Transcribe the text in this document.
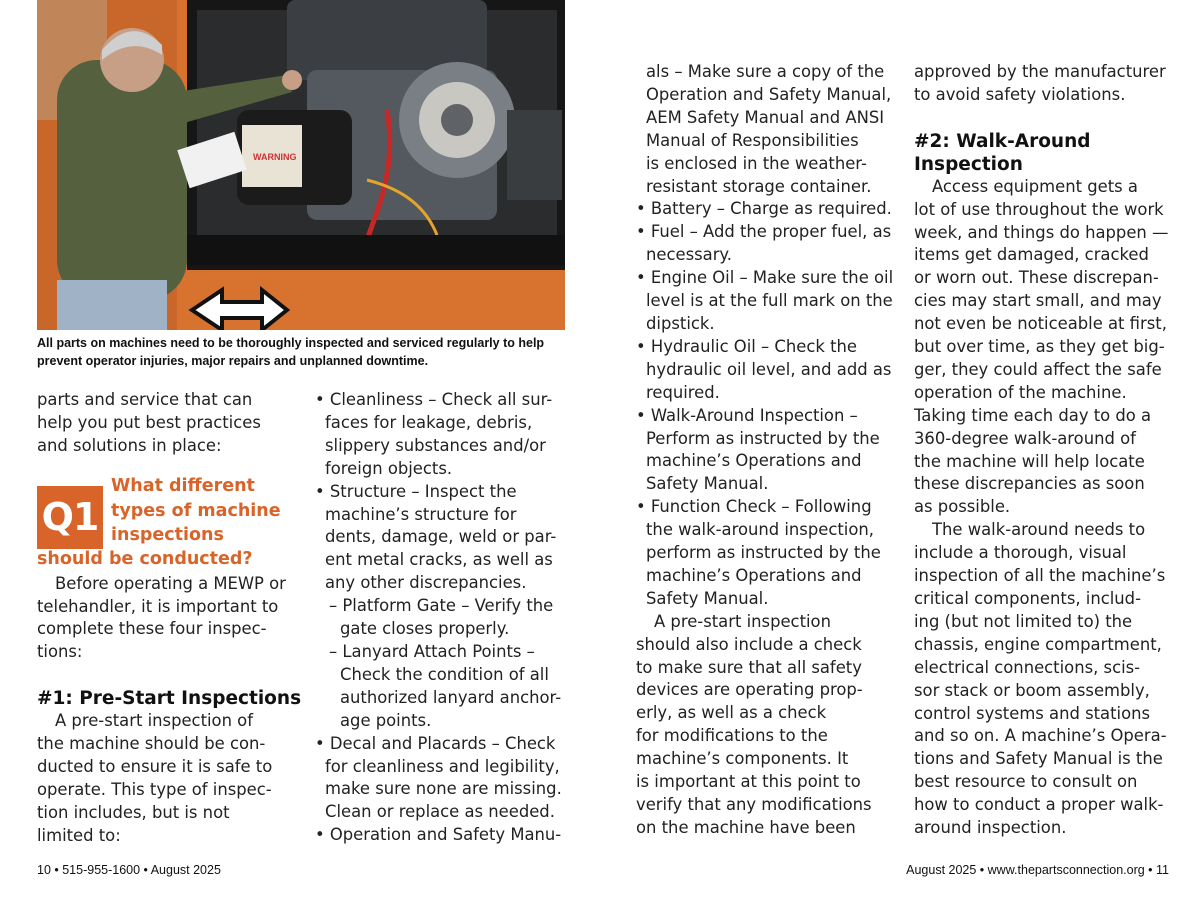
WARNING
All parts on machines need to be thoroughly inspected and serviced regularly to help
prevent operator injuries, major repairs and unplanned downtime.
parts and service that can
help you put best practices
and solutions in place:
Q1
What different
types of machine
inspections
should be conducted?
Before operating a MEWP or
telehandler, it is important to
complete these four inspec-
tions:
#1: Pre-Start Inspections
A pre-start inspection of
the machine should be con-
ducted to ensure it is safe to
operate. This type of inspec-
tion includes, but is not
limited to:
• Cleanliness – Check all sur-
faces for leakage, debris,
slippery substances and/or
foreign objects.
• Structure – Inspect the
machine’s structure for
dents, damage, weld or par-
ent metal cracks, as well as
any other discrepancies.
– Platform Gate – Verify the
gate closes properly.
– Lanyard Attach Points –
Check the condition of all
authorized lanyard anchor-
age points.
• Decal and Placards – Check
for cleanliness and legibility,
make sure none are missing.
Clean or replace as needed.
• Operation and Safety Manu-
als – Make sure a copy of the
Operation and Safety Manual,
AEM Safety Manual and ANSI
Manual of Responsibilities
is enclosed in the weather-
resistant storage container.
• Battery – Charge as required.
• Fuel – Add the proper fuel, as
necessary.
• Engine Oil – Make sure the oil
level is at the full mark on the
dipstick.
• Hydraulic Oil – Check the
hydraulic oil level, and add as
required.
• Walk-Around Inspection –
Perform as instructed by the
machine’s Operations and
Safety Manual.
• Function Check – Following
the walk-around inspection,
perform as instructed by the
machine’s Operations and
Safety Manual.
A pre-start inspection
should also include a check
to make sure that all safety
devices are operating prop-
erly, as well as a check
for modifications to the
machine’s components. It
is important at this point to
verify that any modifications
on the machine have been
approved by the manufacturer
to avoid safety violations.
#2: Walk-Around
Inspection
Access equipment gets a
lot of use throughout the work
week, and things do happen —
items get damaged, cracked
or worn out. These discrepan-
cies may start small, and may
not even be noticeable at first,
but over time, as they get big-
ger, they could affect the safe
operation of the machine.
Taking time each day to do a
360-degree walk-around of
the machine will help locate
these discrepancies as soon
as possible.
The walk-around needs to
include a thorough, visual
inspection of all the machine’s
critical components, includ-
ing (but not limited to) the
chassis, engine compartment,
electrical connections, scis-
sor stack or boom assembly,
control systems and stations
and so on. A machine’s Opera-
tions and Safety Manual is the
best resource to consult on
how to conduct a proper walk-
around inspection.
10 • 515-955-1600 • August 2025	August 2025 • www.thepartsconnection.org • 11
